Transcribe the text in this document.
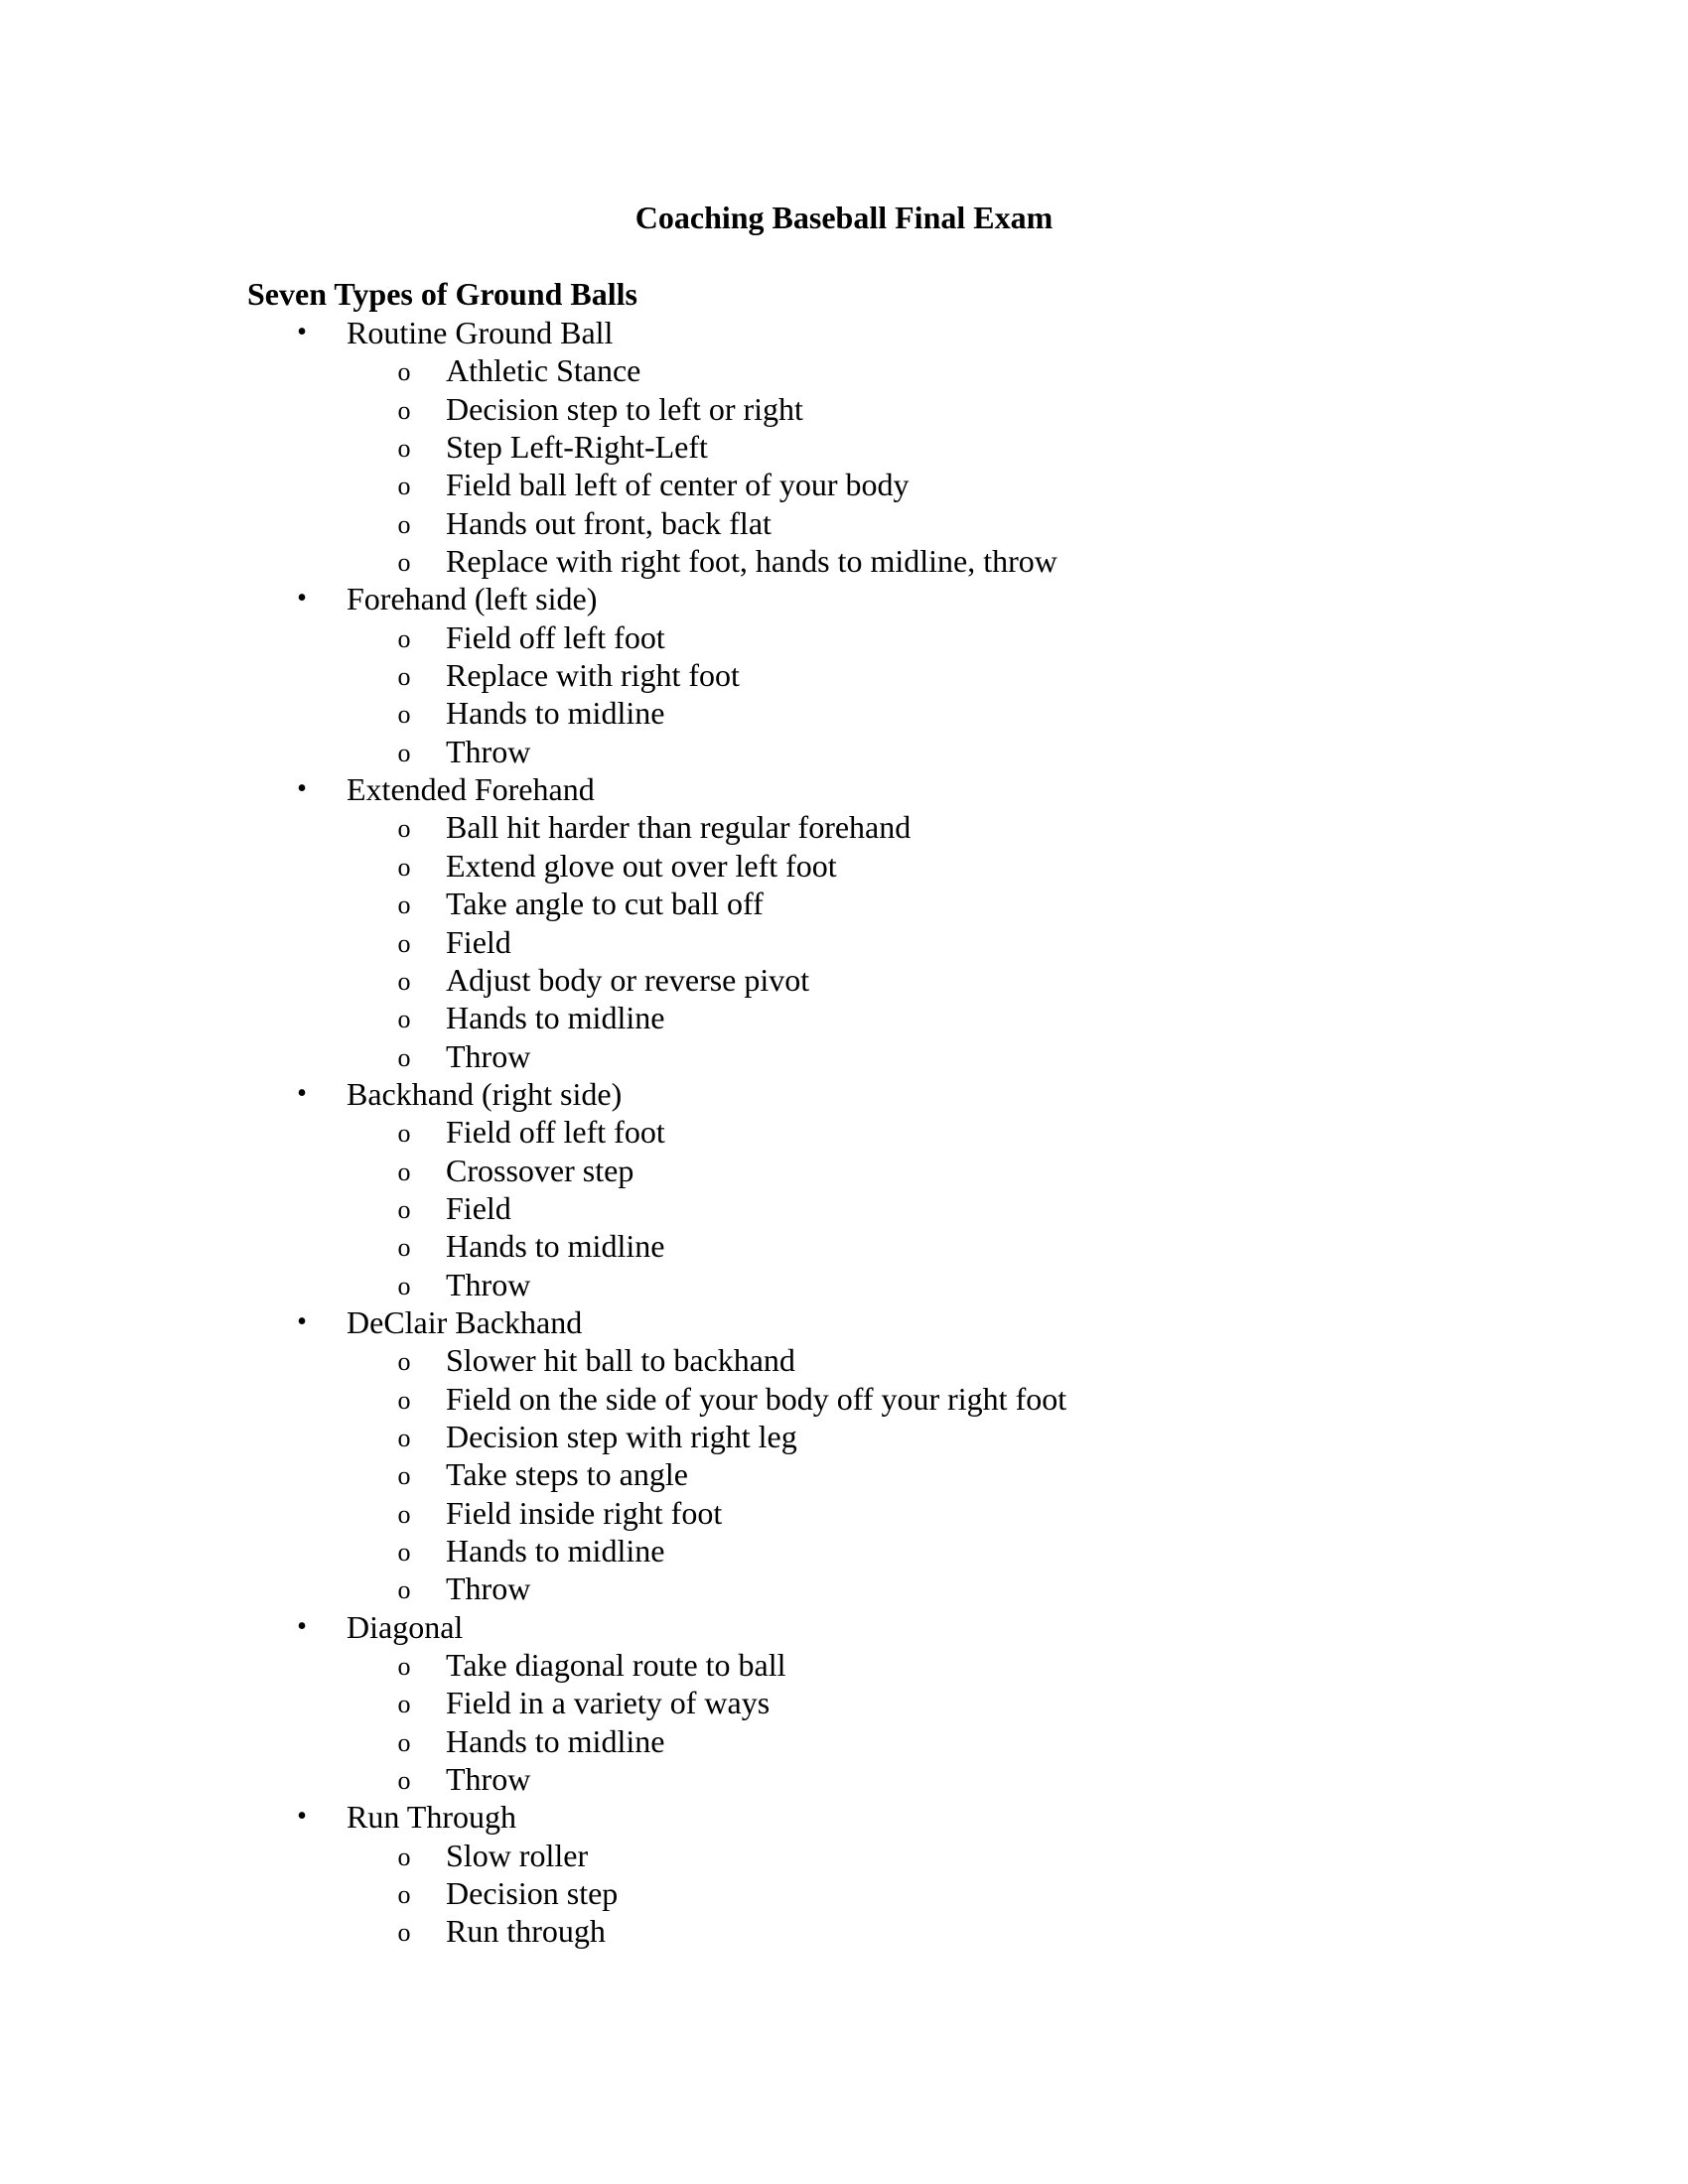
Coaching Baseball Final Exam
Seven Types of Ground Balls
• Routine Ground Ball
o Athletic Stance
o Decision step to left or right
o Step Left-Right-Left
o Field ball left of center of your body
o Hands out front, back flat
o Replace with right foot, hands to midline, throw
• Forehand (left side)
o Field off left foot
o Replace with right foot
o Hands to midline
o Throw
• Extended Forehand
o Ball hit harder than regular forehand
o Extend glove out over left foot
o Take angle to cut ball off
o Field
o Adjust body or reverse pivot
o Hands to midline
o Throw
• Backhand (right side)
o Field off left foot
o Crossover step
o Field
o Hands to midline
o Throw
• DeClair Backhand
o Slower hit ball to backhand
o Field on the side of your body off your right foot
o Decision step with right leg
o Take steps to angle
o Field inside right foot
o Hands to midline
o Throw
• Diagonal
o Take diagonal route to ball
o Field in a variety of ways
o Hands to midline
o Throw
• Run Through
o Slow roller
o Decision step
o Run through
